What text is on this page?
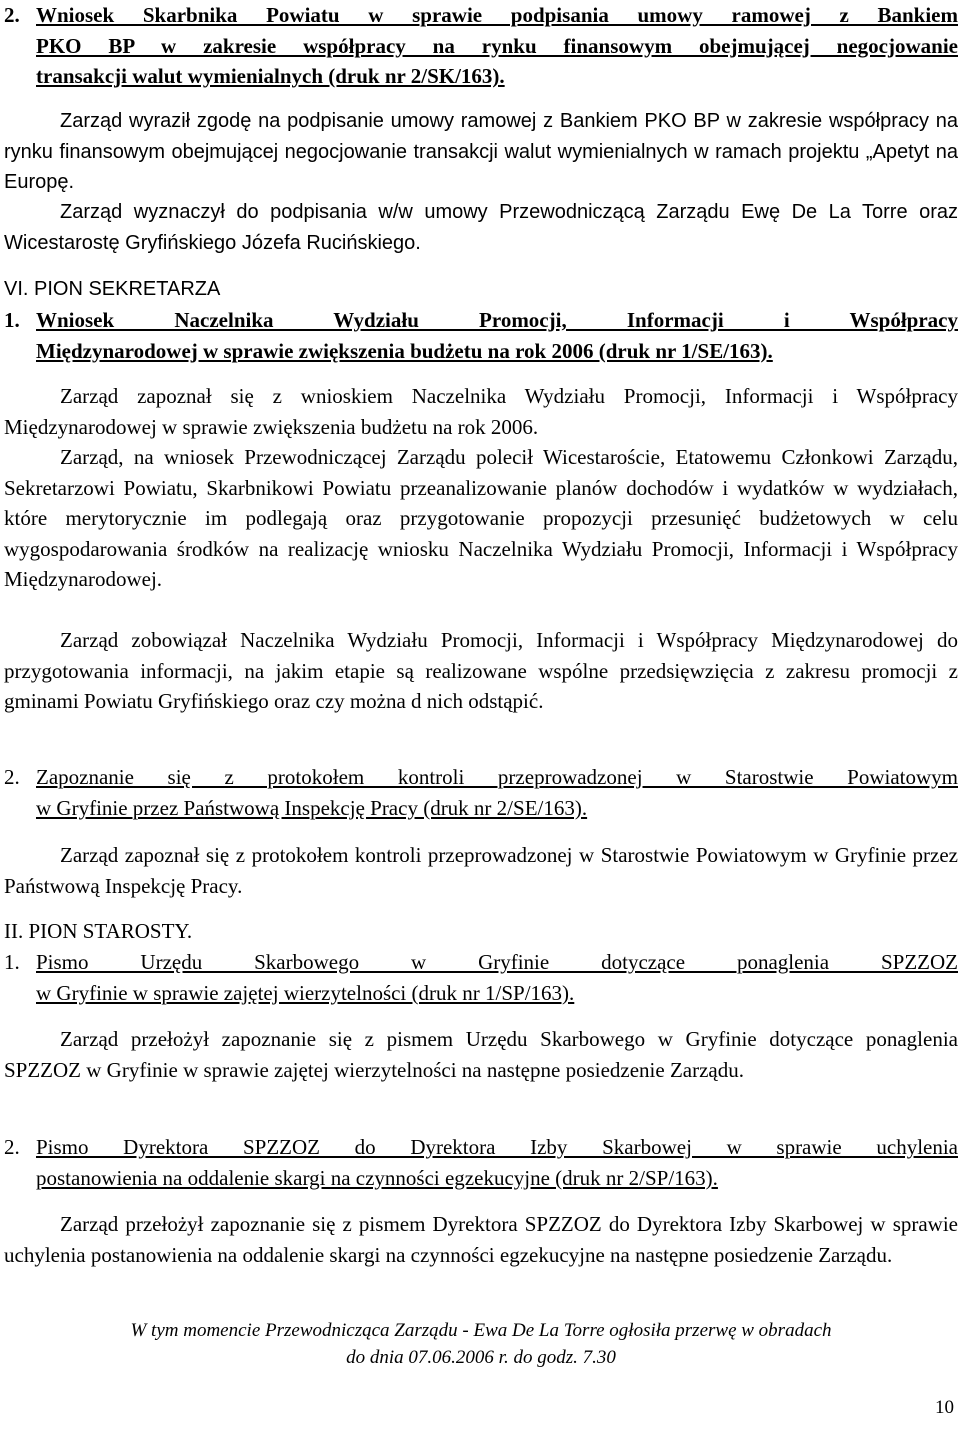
2. Wniosek Skarbnika Powiatu w sprawie podpisania umowy ramowej z Bankiem
PKO BP w zakresie współpracy na rynku finansowym obejmującej negocjowanie
transakcji walut wymienialnych (druk nr 2/SK/163).

Zarząd wyraził zgodę na podpisanie umowy ramowej z Bankiem PKO BP w zakresie współpracy na rynku finansowym obejmującej negocjowanie transakcji walut wymienialnych w ramach projektu „Apetyt na Europę.

Zarząd wyznaczył do podpisania w/w umowy Przewodniczącą Zarządu Ewę De La Torre oraz Wicestarostę Gryfińskiego Józefa Rucińskiego.

VI. PION SEKRETARZA
1. Wniosek Naczelnika Wydziału Promocji, Informacji i Współpracy
Międzynarodowej w sprawie zwiększenia budżetu na rok 2006 (druk nr 1/SE/163).

Zarząd zapoznał się z wnioskiem Naczelnika Wydziału Promocji, Informacji i Współpracy Międzynarodowej w sprawie zwiększenia budżetu na rok 2006.

Zarząd, na wniosek Przewodniczącej Zarządu polecił Wicestaroście, Etatowemu Członkowi Zarządu, Sekretarzowi Powiatu, Skarbnikowi Powiatu przeanalizowanie planów dochodów i wydatków w wydziałach, które merytorycznie im podlegają oraz przygotowanie propozycji przesunięć budżetowych w celu wygospodarowania środków na realizację wniosku Naczelnika Wydziału Promocji, Informacji i Współpracy Międzynarodowej.

Zarząd zobowiązał Naczelnika Wydziału Promocji, Informacji i Współpracy Międzynarodowej do przygotowania informacji, na jakim etapie są realizowane wspólne przedsięwzięcia z zakresu promocji z gminami Powiatu Gryfińskiego oraz czy można d nich odstąpić.

2. Zapoznanie się z protokołem kontroli przeprowadzonej w Starostwie Powiatowym
w Gryfinie przez Państwową Inspekcję Pracy (druk nr 2/SE/163).

Zarząd zapoznał się z protokołem kontroli przeprowadzonej w Starostwie Powiatowym w Gryfinie przez Państwową Inspekcję Pracy.

II. PION STAROSTY.
1. Pismo Urzędu Skarbowego w Gryfinie dotyczące ponaglenia SPZZOZ
w Gryfinie w sprawie zajętej wierzytelności (druk nr 1/SP/163).

Zarząd przełożył zapoznanie się z pismem Urzędu Skarbowego w Gryfinie dotyczące ponaglenia SPZZOZ w Gryfinie w sprawie zajętej wierzytelności na następne posiedzenie Zarządu.

2. Pismo Dyrektora SPZZOZ do Dyrektora Izby Skarbowej w sprawie uchylenia
postanowienia na oddalenie skargi na czynności egzekucyjne (druk nr 2/SP/163).

Zarząd przełożył zapoznanie się z pismem Dyrektora SPZZOZ do Dyrektora Izby Skarbowej w sprawie uchylenia postanowienia na oddalenie skargi na czynności egzekucyjne na następne posiedzenie Zarządu.

W tym momencie Przewodnicząca Zarządu - Ewa De La Torre ogłosiła przerwę w obradach
do dnia 07.06.2006 r. do godz. 7.30
10
